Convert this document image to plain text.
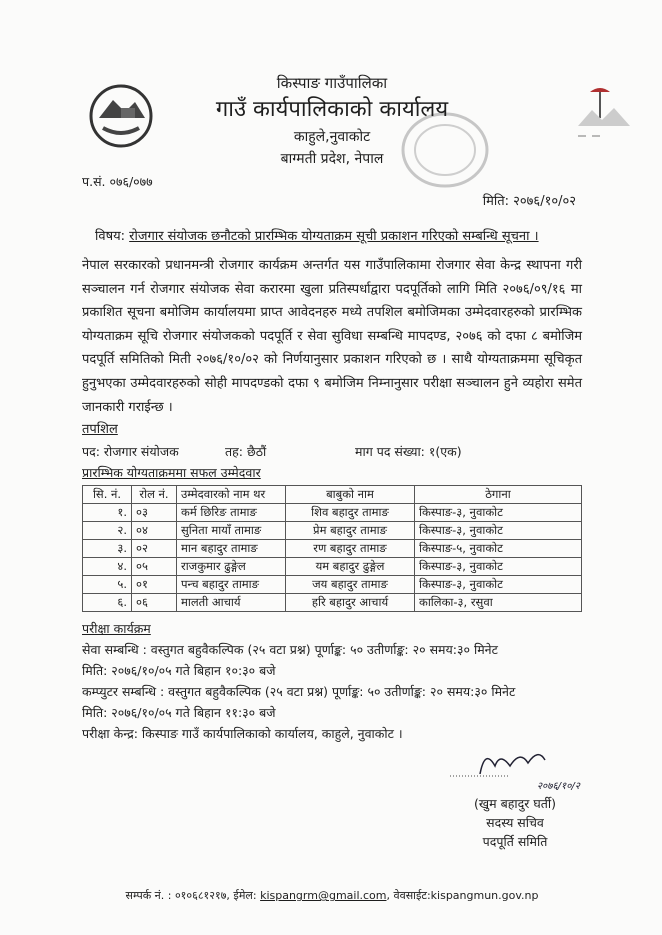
किस्पाङ गाउँपालिका
गाउँ कार्यपालिकाको कार्यालय
काहुले,नुवाकोट
बाग्मती प्रदेश, नेपाल
प.सं. ०७६/०७७
मिति: २०७६/१०/०२
विषय: रोजगार संयोजक छनौटको प्रारम्भिक योग्यताक्रम सूची प्रकाशन गरिएको सम्बन्धि सूचना ।
नेपाल सरकारको प्रधानमन्त्री रोजगार कार्यक्रम अन्तर्गत यस गाउँपालिकामा रोजगार सेवा केन्द्र स्थापना गरी सञ्चालन गर्न रोजगार संयोजक सेवा करारमा खुला प्रतिस्पर्धाद्वारा पदपूर्तिको लागि मिति २०७६/०९/१६ मा प्रकाशित सूचना बमोजिम कार्यालयमा प्राप्त आवेदनहरु मध्ये तपशिल बमोजिमका उम्मेदवारहरुको प्रारम्भिक योग्यताक्रम सूचि रोजगार संयोजकको पदपूर्ति र सेवा सुविधा सम्बन्धि मापदण्ड, २०७६ को दफा ८ बमोजिम पदपूर्ति समितिको मिती २०७६/१०/०२ को निर्णयानुसार प्रकाशन गरिएको छ । साथै योग्यताक्रममा सूचिकृत हुनुभएका उम्मेदवारहरुको सोही मापदण्डको दफा ९ बमोजिम निम्नानुसार परीक्षा सञ्चालन हुने व्यहोरा समेत जानकारी गराईन्छ ।
तपशिल
पद: रोजगार संयोजक	तह: छैठौं	माग पद संख्या: १(एक)
प्रारम्भिक योग्यताक्रममा सफल उम्मेदवार
सि. नं.	रोल नं.	उम्मेदवारको नाम थर	बाबुको नाम	ठेगाना
१.	०३	कर्म छिरिङ तामाङ	शिव बहादुर तामाङ	किस्पाङ-३, नुवाकोट
२.	०४	सुनिता मायाँ तामाङ	प्रेम बहादुर तामाङ	किस्पाङ-३, नुवाकोट
३.	०२	मान बहादुर तामाङ	रण बहादुर तामाङ	किस्पाङ-५, नुवाकोट
४.	०५	राजकुमार ढुङ्गेल	यम बहादुर ढुङ्गेल	किस्पाङ-३, नुवाकोट
५.	०१	पन्च बहादुर तामाङ	जय बहादुर तामाङ	किस्पाङ-३, नुवाकोट
६.	०६	मालती आचार्य	हरि बहादुर आचार्य	कालिका-३, रसुवा
परीक्षा कार्यक्रम
सेवा सम्बन्धि : वस्तुगत बहुवैकल्पिक (२५ वटा प्रश्न) पूर्णाङ्क: ५० उतीर्णाङ्क: २० समय:३० मिनेट
मिति: २०७६/१०/०५ गते बिहान १०:३० बजे
कम्प्युटर सम्बन्धि : वस्तुगत बहुवैकल्पिक (२५ वटा प्रश्न) पूर्णाङ्क: ५० उतीर्णाङ्क: २० समय:३० मिनेट
मिति: २०७६/१०/०५ गते बिहान ११:३० बजे
परीक्षा केन्द्र: किस्पाङ गाउँ कार्यपालिकाको कार्यालय, काहुले, नुवाकोट ।
२०७६/१०/२
(खुम बहादुर घर्ती)
सदस्य सचिव
पदपूर्ति समिति
सम्पर्क नं. : ०१०६८१२१७, ईमेल: kispangrm@gmail.com, वेवसाईट:kispangmun.gov.np
